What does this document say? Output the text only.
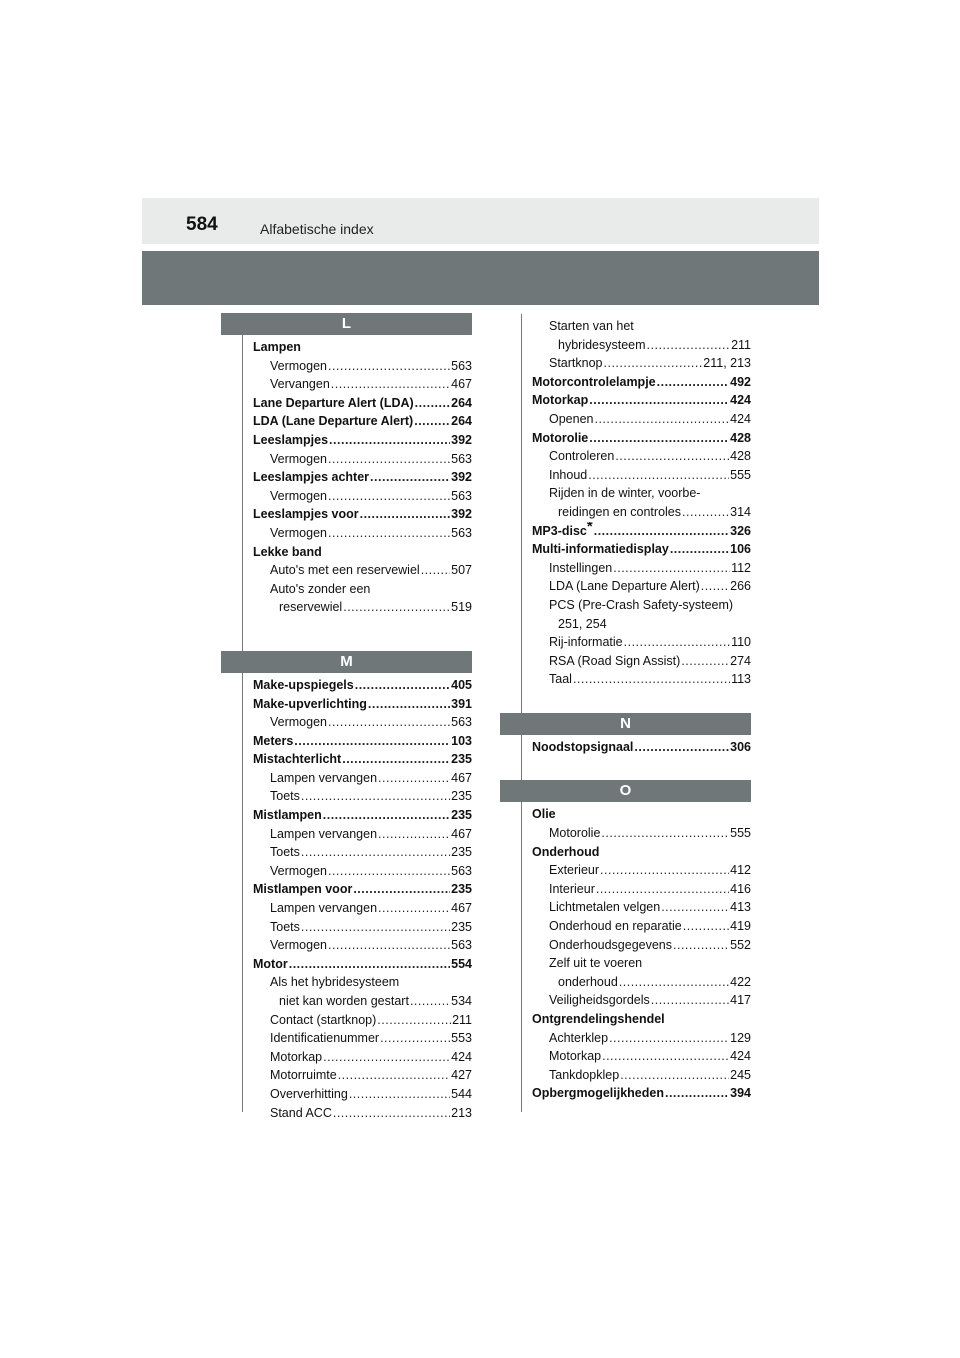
584	Alfabetische index
L
Lampen
Vermogen .....	563
Vervangen .....	467
Lane Departure Alert (LDA) .....	264
LDA (Lane Departure Alert) .....	264
Leeslampjes .....	392
Vermogen .....	563
Leeslampjes achter .....	392
Vermogen .....	563
Leeslampjes voor .....	392
Vermogen .....	563
Lekke band
Auto's met een reservewiel .....	507
Auto's zonder een
reservewiel .....	519
M
Make-upspiegels .....	405
Make-upverlichting .....	391
Vermogen .....	563
Meters .....	103
Mistachterlicht .....	235
Lampen vervangen .....	467
Toets .....	235
Mistlampen .....	235
Lampen vervangen .....	467
Toets .....	235
Vermogen .....	563
Mistlampen voor .....	235
Lampen vervangen .....	467
Toets .....	235
Vermogen .....	563
Motor .....	554
Als het hybridesysteem
niet kan worden gestart .....	534
Contact (startknop) .....	211
Identificatienummer .....	553
Motorkap .....	424
Motorruimte .....	427
Oververhitting .....	544
Stand ACC .....	213
Starten van het
hybridesysteem .....	211
Startknop .....	211, 213
Motorcontrolelampje .....	492
Motorkap .....	424
Openen .....	424
Motorolie .....	428
Controleren .....	428
Inhoud .....	555
Rijden in de winter, voorbe-
reidingen en controles .....	314
MP3-disc* .....	326
Multi-informatiedisplay .....	106
Instellingen .....	112
LDA (Lane Departure Alert) ..... 266
PCS (Pre-Crash Safety-systeem)
251, 254
Rij-informatie .....	110
RSA (Road Sign Assist) .....	274
Taal .....	113
N
Noodstopsignaal .....	306
O
Olie
Motorolie .....	555
Onderhoud
Exterieur .....	412
Interieur .....	416
Lichtmetalen velgen .....	413
Onderhoud en reparatie .....	419
Onderhoudsgegevens .....	552
Zelf uit te voeren
onderhoud .....	422
Veiligheidsgordels .....	417
Ontgrendelingshendel
Achterklep .....	129
Motorkap .....	424
Tankdopklep .....	245
Opbergmogelijkheden .....	394
